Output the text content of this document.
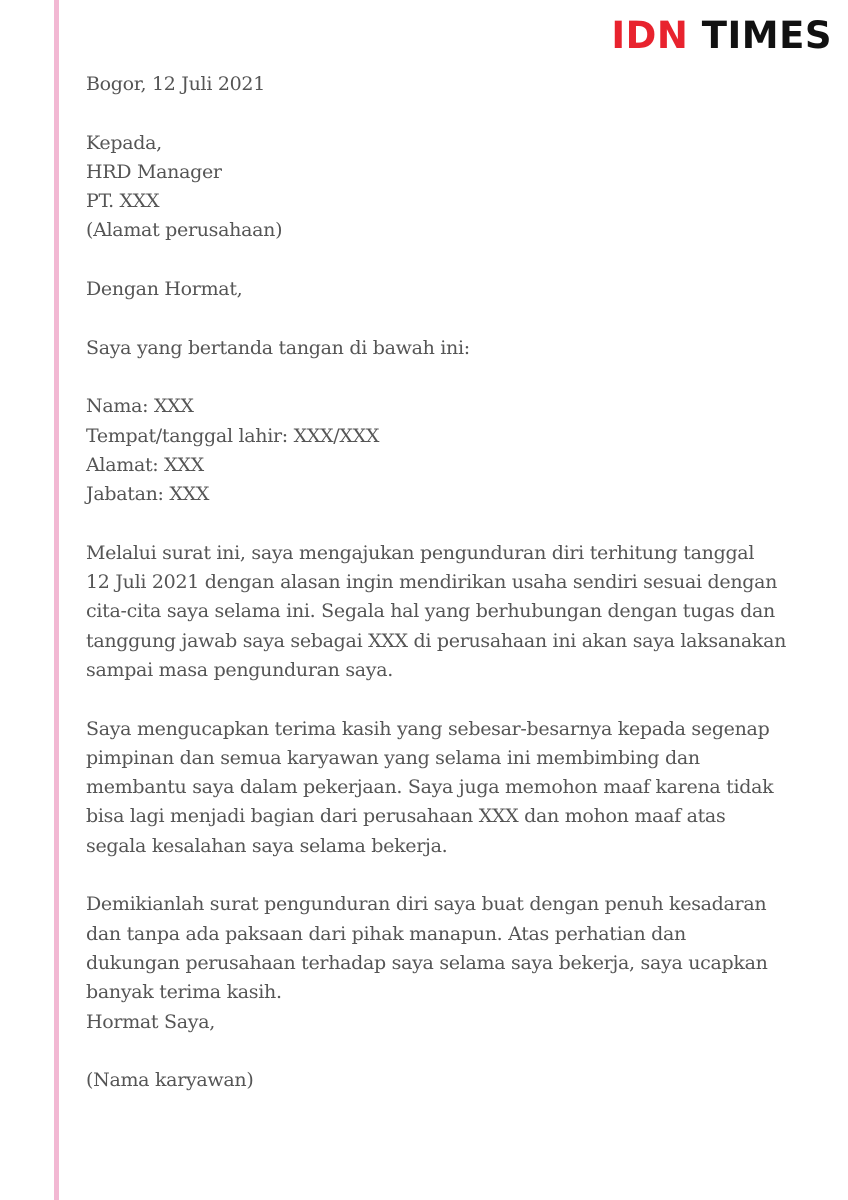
IDN TIMES

Bogor, 12 Juli 2021

Kepada,
HRD Manager
PT. XXX
(Alamat perusahaan)

Dengan Hormat,

Saya yang bertanda tangan di bawah ini:

Nama: XXX
Tempat/tanggal lahir: XXX/XXX
Alamat: XXX
Jabatan: XXX

Melalui surat ini, saya mengajukan pengunduran diri terhitung tanggal
12 Juli 2021 dengan alasan ingin mendirikan usaha sendiri sesuai dengan
cita-cita saya selama ini. Segala hal yang berhubungan dengan tugas dan
tanggung jawab saya sebagai XXX di perusahaan ini akan saya laksanakan
sampai masa pengunduran saya.

Saya mengucapkan terima kasih yang sebesar-besarnya kepada segenap
pimpinan dan semua karyawan yang selama ini membimbing dan
membantu saya dalam pekerjaan. Saya juga memohon maaf karena tidak
bisa lagi menjadi bagian dari perusahaan XXX dan mohon maaf atas
segala kesalahan saya selama bekerja.

Demikianlah surat pengunduran diri saya buat dengan penuh kesadaran
dan tanpa ada paksaan dari pihak manapun. Atas perhatian dan
dukungan perusahaan terhadap saya selama saya bekerja, saya ucapkan
banyak terima kasih.

Hormat Saya,

(Nama karyawan)
